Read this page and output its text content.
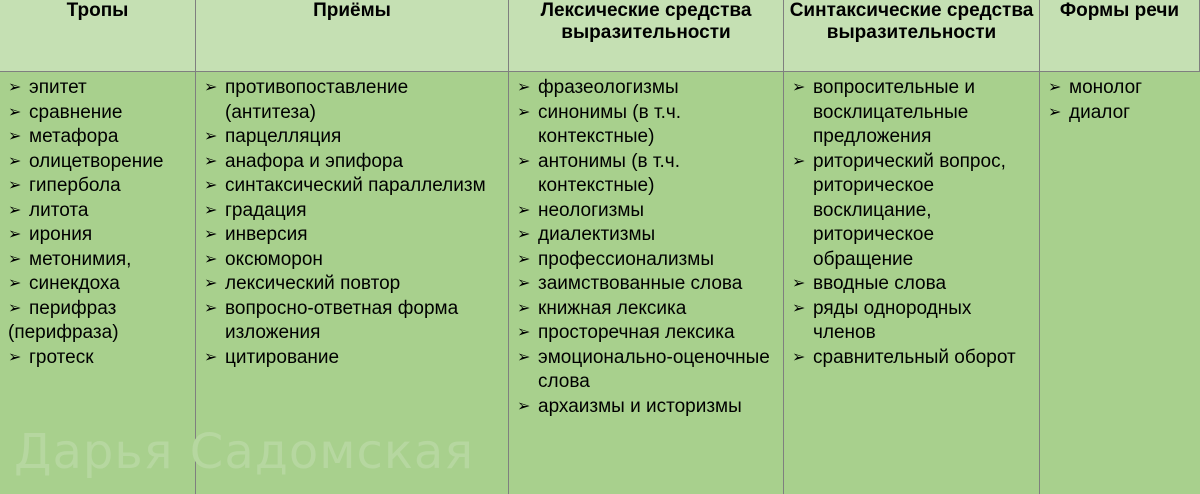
Тропы	Приёмы	Лексические средства выразительности
Синтаксические средства выразительности
Формы речи
➢ эпитет
➢ сравнение
➢ метафора
➢ олицетворение
➢ гипербола
➢ литота
➢ ирония
➢ метонимия,
➢ синекдоха
➢ перифраз
(перифраза)
➢ гротеск
➢ противопоставление (антитеза)
➢ парцелляция
➢ анафора и эпифора
➢ синтаксический параллелизм
➢ градация
➢ инверсия
➢ оксюморон
➢ лексический повтор
➢ вопросно-ответная форма изложения
➢ цитирование
➢ фразеологизмы
➢ синонимы (в т.ч. контекстные)
➢ антонимы (в т.ч. контекстные)
➢ неологизмы
➢ диалектизмы
➢ профессионализмы
➢ заимствованные слова
➢ книжная лексика
➢ просторечная лексика
➢ эмоционально-оценочные слова
➢ архаизмы и историзмы
➢ вопросительные и восклицательные предложения
➢ риторический вопрос, риторическое восклицание, риторическое обращение
➢ вводные слова
➢ ряды однородных членов
➢ сравнительный оборот
➢ монолог
➢ диалог
Дарья Садомская
